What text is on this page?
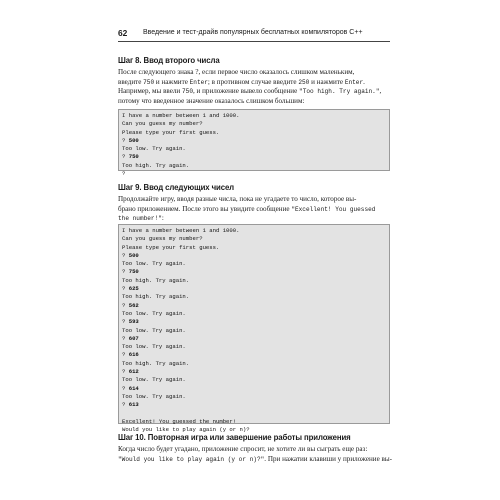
62 Введение и тест-драйв популярных бесплатных компиляторов C++
Шаг 8. Ввод второго числа
После следующего знака ?, если первое число оказалось слишком маленьким,
введите 750 и нажмите Enter; в противном случае введите 250 и нажмите Enter.
Например, мы ввели 750, и приложение вывело сообщение "Too high. Try again.",
потому что введенное значение оказалось слишком большим:
I have a number between 1 and 1000.
Can you guess my number?
Please type your first guess.
? 500
Too low. Try again.
? 750
Too high. Try again.
?
Шаг 9. Ввод следующих чисел
Продолжайте игру, вводя разные числа, пока не угадаете то число, которое вы-
брано приложением. После этого вы увидите сообщение "Excellent! You guessed
the number!":
I have a number between 1 and 1000.
Can you guess my number?
Please type your first guess.
? 500
Too low. Try again.
? 750
Too high. Try again.
? 625
Too high. Try again.
? 562
Too low. Try again.
? 593
Too low. Try again.
? 607
Too low. Try again.
? 616
Too high. Try again.
? 612
Too low. Try again.
? 614
Too low. Try again.
? 613
Excellent! You guessed the number!
Would you like to play again (y or n)?
Шаг 10. Повторная игра или завершение работы приложения
Когда число будет угадано, приложение спросит, не хотите ли вы сыграть еще раз:
"Would you like to play again (y or n)?". При нажатии клавиши y приложение вы-
